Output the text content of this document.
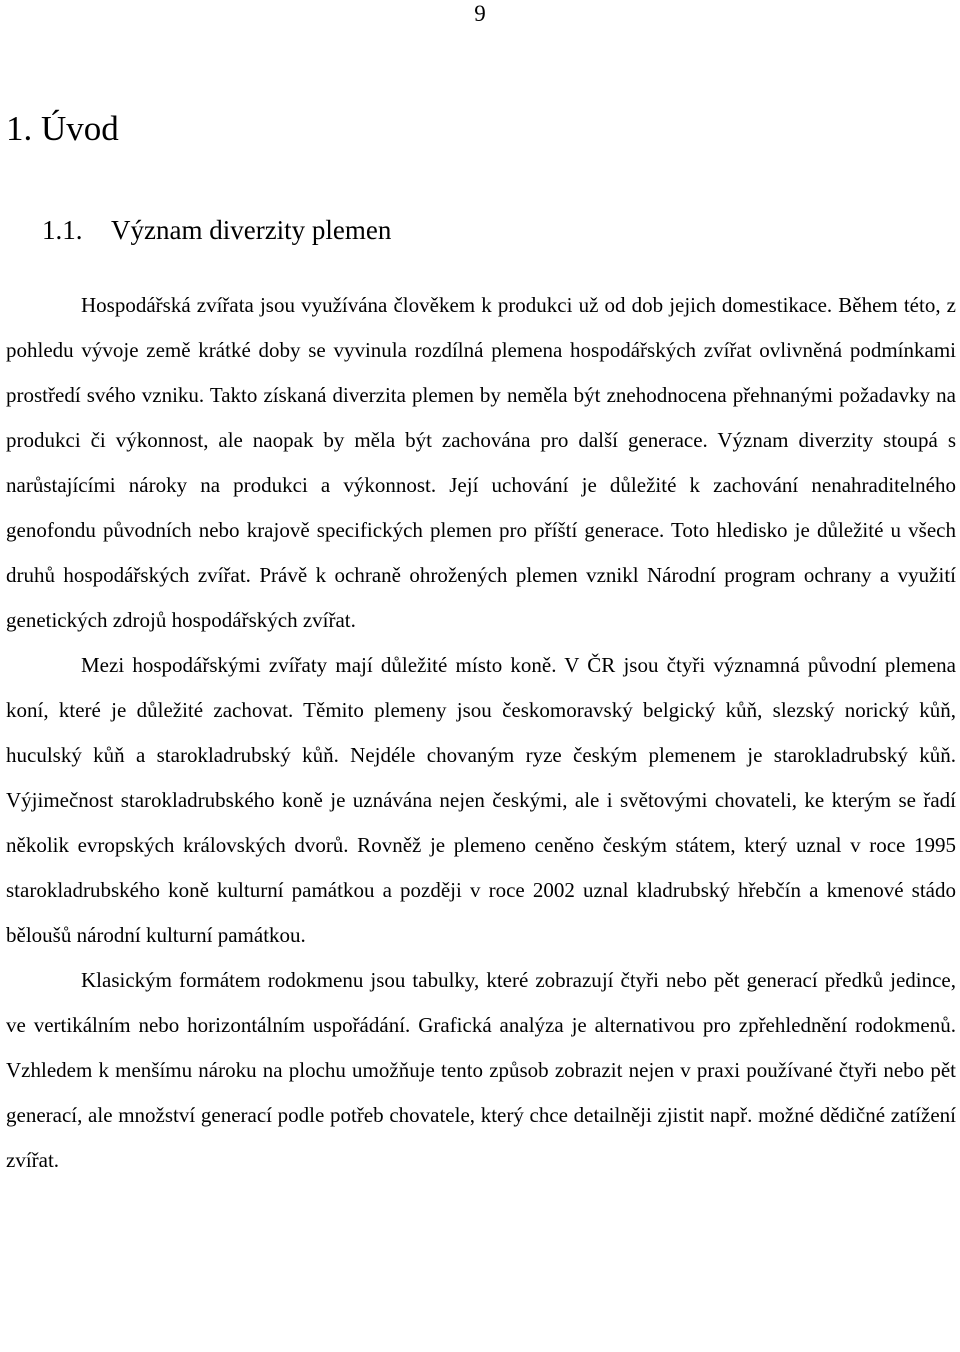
9
1. Úvod
1.1. Význam diverzity plemen

Hospodářská zvířata jsou využívána člověkem k produkci už od dob jejich domestikace. Během této, z pohledu vývoje země krátké doby se vyvinula rozdílná plemena hospodářských zvířat ovlivněná podmínkami prostředí svého vzniku. Takto získaná diverzita plemen by neměla být znehodnocena přehnanými požadavky na produkci či výkonnost, ale naopak by měla být zachována pro další generace. Význam diverzity stoupá s narůstajícími nároky na produkci a výkonnost. Její uchování je důležité k zachování nenahraditelného genofondu původních nebo krajově specifických plemen pro příští generace. Toto hledisko je důležité u všech druhů hospodářských zvířat. Právě k ochraně ohrožených plemen vznikl Národní program ochrany a využití genetických zdrojů hospodářských zvířat.

Mezi hospodářskými zvířaty mají důležité místo koně. V ČR jsou čtyři významná původní plemena koní, které je důležité zachovat. Těmito plemeny jsou českomoravský belgický kůň, slezský norický kůň, huculský kůň a starokladrubský kůň. Nejdéle chovaným ryze českým plemenem je starokladrubský kůň. Výjimečnost starokladrubského koně je uznávána nejen českými, ale i světovými chovateli, ke kterým se řadí několik evropských královských dvorů. Rovněž je plemeno ceněno českým státem, který uznal v roce 1995 starokladrubského koně kulturní památkou a později v roce 2002 uznal kladrubský hřebčín a kmenové stádo běloušů národní kulturní památkou.

Klasickým formátem rodokmenu jsou tabulky, které zobrazují čtyři nebo pět generací předků jedince, ve vertikálním nebo horizontálním uspořádání. Grafická analýza je alternativou pro zpřehlednění rodokmenů. Vzhledem k menšímu nároku na plochu umožňuje tento způsob zobrazit nejen v praxi používané čtyři nebo pět generací, ale množství generací podle potřeb chovatele, který chce detailněji zjistit např. možné dědičné zatížení zvířat.
